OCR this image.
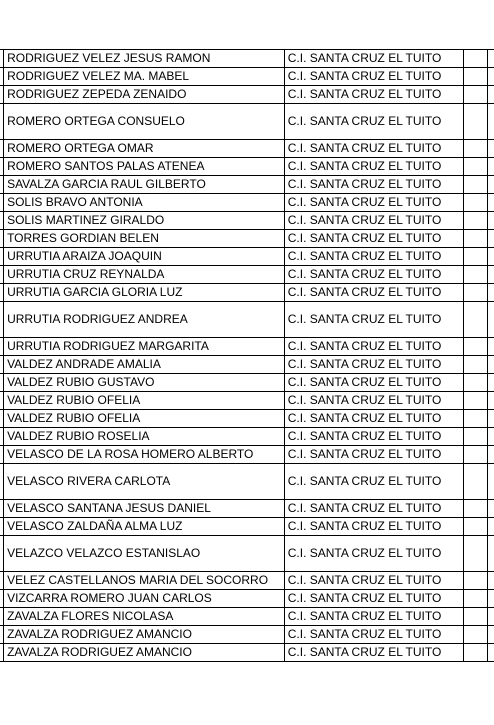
	RODRIGUEZ VELEZ JESUS RAMON	C.I. SANTA CRUZ EL TUITO		
	RODRIGUEZ VELEZ MA. MABEL	C.I. SANTA CRUZ EL TUITO		
	RODRIGUEZ ZEPEDA ZENAIDO	C.I. SANTA CRUZ EL TUITO		
	ROMERO ORTEGA CONSUELO	C.I. SANTA CRUZ EL TUITO		
	ROMERO ORTEGA OMAR	C.I. SANTA CRUZ EL TUITO		
	ROMERO SANTOS PALAS ATENEA	C.I. SANTA CRUZ EL TUITO		
	SAVALZA GARCIA RAUL GILBERTO	C.I. SANTA CRUZ EL TUITO		
	SOLIS BRAVO ANTONIA	C.I. SANTA CRUZ EL TUITO		
	SOLIS MARTINEZ GIRALDO	C.I. SANTA CRUZ EL TUITO		
	TORRES GORDIAN BELEN	C.I. SANTA CRUZ EL TUITO		
	URRUTIA ARAIZA JOAQUIN	C.I. SANTA CRUZ EL TUITO		
	URRUTIA CRUZ REYNALDA	C.I. SANTA CRUZ EL TUITO		
	URRUTIA GARCIA GLORIA LUZ	C.I. SANTA CRUZ EL TUITO		
	URRUTIA RODRIGUEZ ANDREA	C.I. SANTA CRUZ EL TUITO		
	URRUTIA RODRIGUEZ MARGARITA	C.I. SANTA CRUZ EL TUITO		
	VALDEZ ANDRADE AMALIA	C.I. SANTA CRUZ EL TUITO		
	VALDEZ RUBIO GUSTAVO	C.I. SANTA CRUZ EL TUITO		
	VALDEZ RUBIO OFELIA	C.I. SANTA CRUZ EL TUITO		
	VALDEZ RUBIO OFELIA	C.I. SANTA CRUZ EL TUITO		
	VALDEZ RUBIO ROSELIA	C.I. SANTA CRUZ EL TUITO		
	VELASCO DE LA ROSA HOMERO ALBERTO	C.I. SANTA CRUZ EL TUITO		
	VELASCO RIVERA CARLOTA	C.I. SANTA CRUZ EL TUITO		
	VELASCO SANTANA JESUS DANIEL	C.I. SANTA CRUZ EL TUITO		
	VELASCO ZALDAÑA ALMA LUZ	C.I. SANTA CRUZ EL TUITO		
	VELAZCO VELAZCO ESTANISLAO	C.I. SANTA CRUZ EL TUITO		
	VELEZ CASTELLANOS MARIA DEL SOCORRO	C.I. SANTA CRUZ EL TUITO		
	VIZCARRA ROMERO JUAN CARLOS	C.I. SANTA CRUZ EL TUITO		
	ZAVALZA FLORES NICOLASA	C.I. SANTA CRUZ EL TUITO		
	ZAVALZA RODRIGUEZ AMANCIO	C.I. SANTA CRUZ EL TUITO		
	ZAVALZA RODRIGUEZ AMANCIO	C.I. SANTA CRUZ EL TUITO		
